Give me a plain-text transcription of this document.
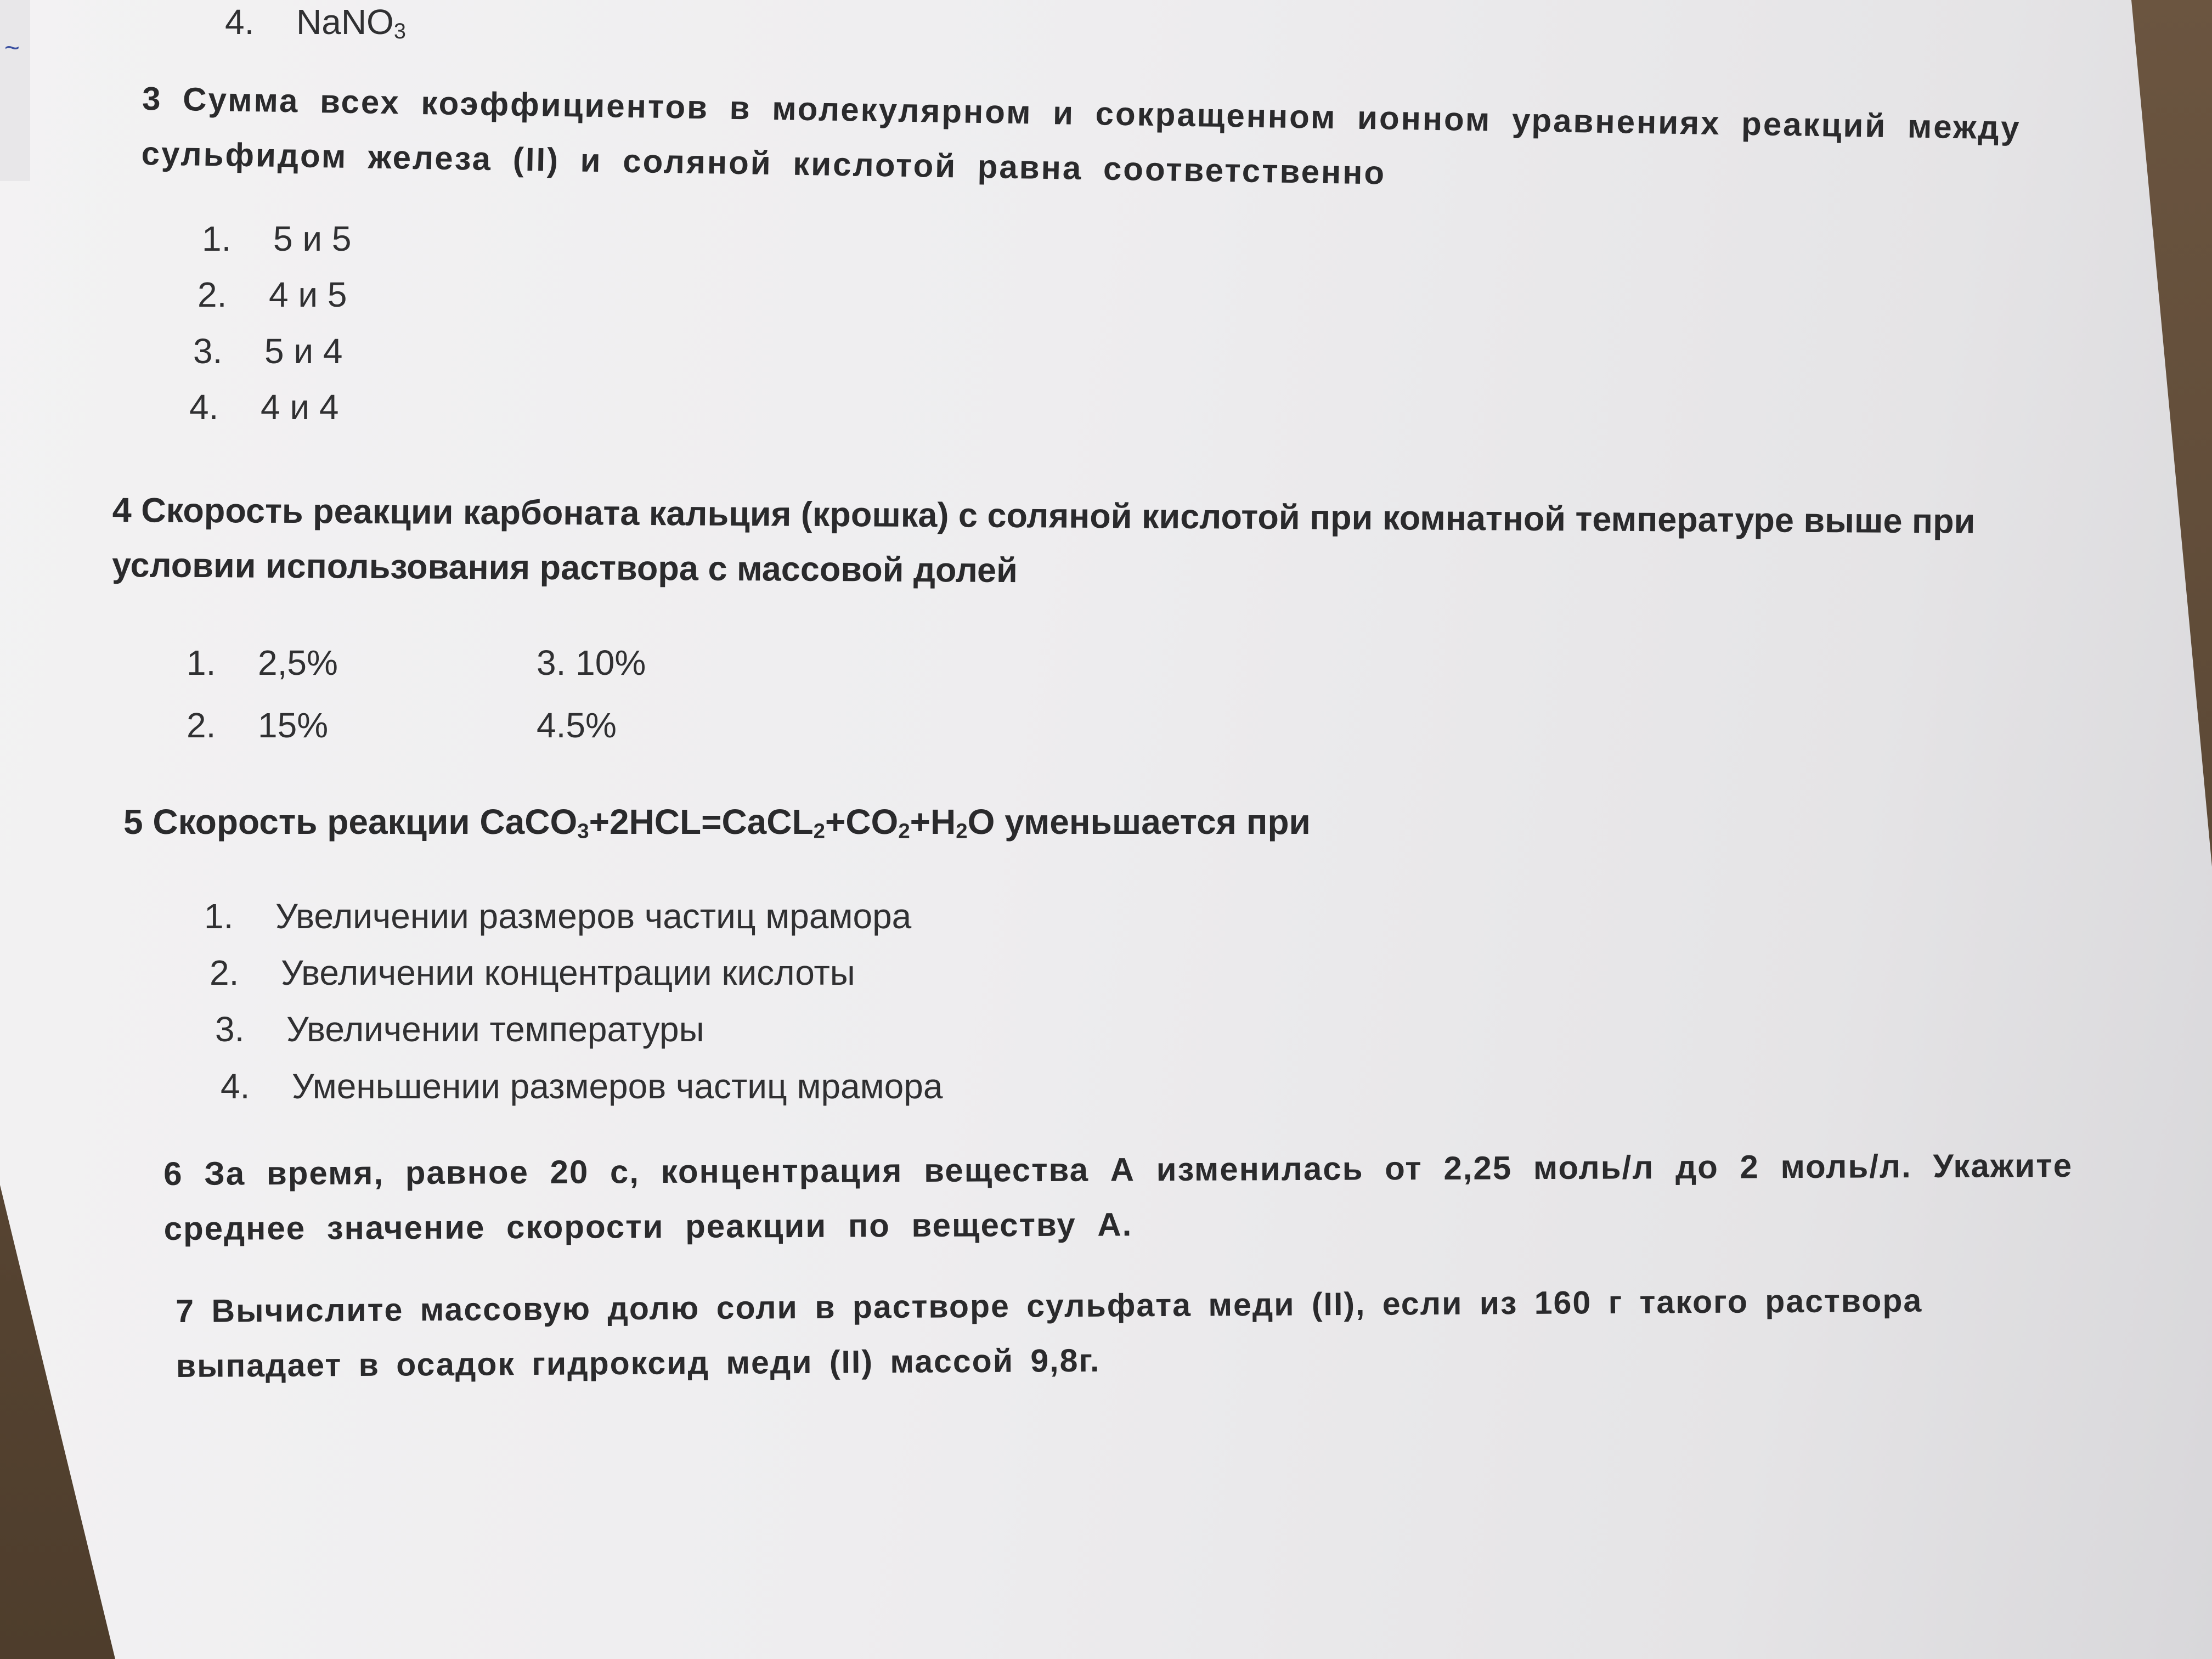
~
4. NaNO$_3$
3 Сумма всех коэффициентов в молекулярном и сокращенном ионном уравнениях реакций между сульфидом железа (II) и соляной кислотой равна соответственно
1. 5 и 5
2. 4 и 5
3. 5 и 4
4. 4 и 4
4 Скорость реакции карбоната кальция (крошка) с соляной кислотой при комнатной температуре выше при условии использования раствора с массовой долей
1. 2,5%
2. 15%
3. 10%
4.5%
5 Скорость реакции $CaCO_3+2HCL=CaCL_2+CO_2+H_2O$ уменьшается при
1. Увеличении размеров частиц мрамора
2. Увеличении концентрации кислоты
3. Увеличении температуры
4. Уменьшении размеров частиц мрамора
6 За время, равное 20 с, концентрация вещества А изменилась от 2,25 моль/л до 2 моль/л. Укажите среднее значение скорости реакции по веществу А.
7 Вычислите массовую долю соли в растворе сульфата меди (II), если из 160 г такого раствора выпадает в осадок гидроксид меди (II) массой 9,8г.
